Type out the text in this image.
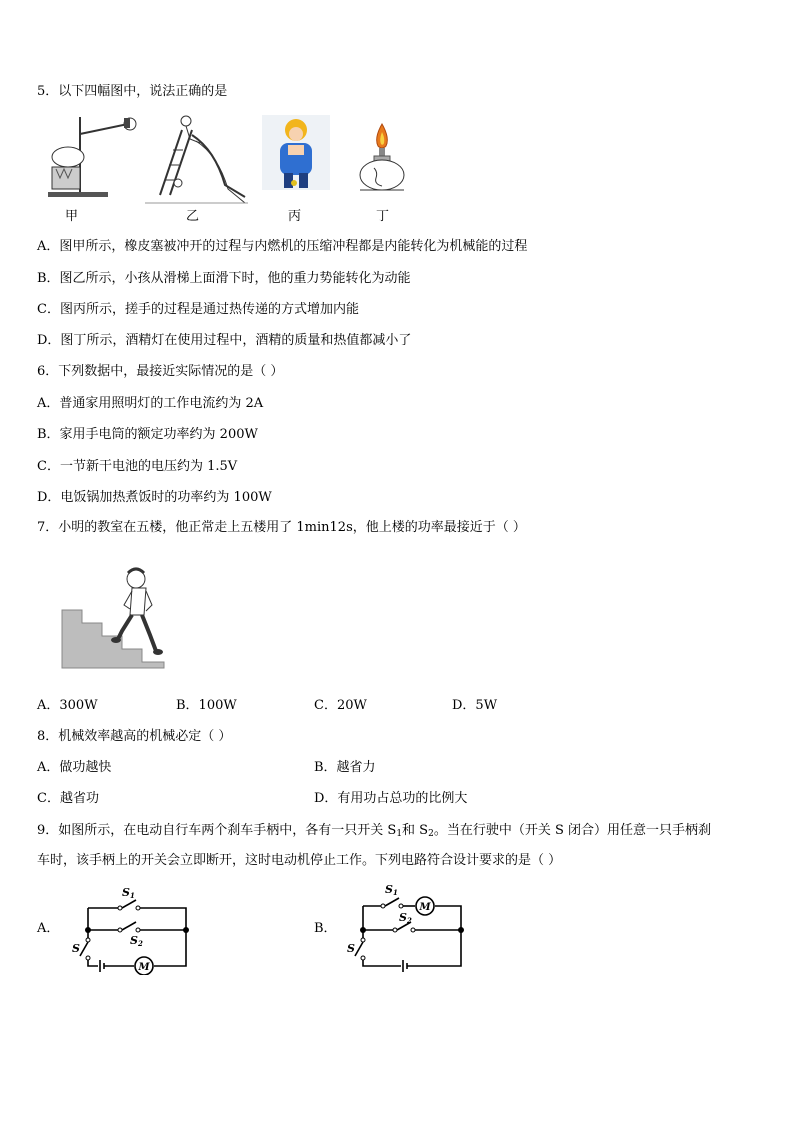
5．以下四幅图中，说法正确的是
甲	乙	丙	丁
A．图甲所示，橡皮塞被冲开的过程与内燃机的压缩冲程都是内能转化为机械能的过程
B．图乙所示，小孩从滑梯上面滑下时，他的重力势能转化为动能
C．图丙所示，搓手的过程是通过热传递的方式增加内能
D．图丁所示，酒精灯在使用过程中，酒精的质量和热值都减小了
6．下列数据中，最接近实际情况的是（ ）
A．普通家用照明灯的工作电流约为 2A
B．家用手电筒的额定功率约为 200W
C．一节新干电池的电压约为 1.5V
D．电饭锅加热煮饭时的功率约为 100W
7．小明的教室在五楼，他正常走上五楼用了 1min12s，他上楼的功率最接近于（ ）
A．300W	B．100W	C．20W	D．5W
8．机械效率越高的机械必定（ ）
A．做功越快	B．越省力
C．越省功	D．有用功占总功的比例大
9．如图所示，在电动自行车两个刹车手柄中，各有一只开关 $S_1$和 $S_2$。当在行驶中（开关 S 闭合）用任意一只手柄刹
车时，该手柄上的开关会立即断开，这时电动机停止工作。下列电路符合设计要求的是（ ）
A．
M
S1
S2
S
B．
M
S1
S2
S
